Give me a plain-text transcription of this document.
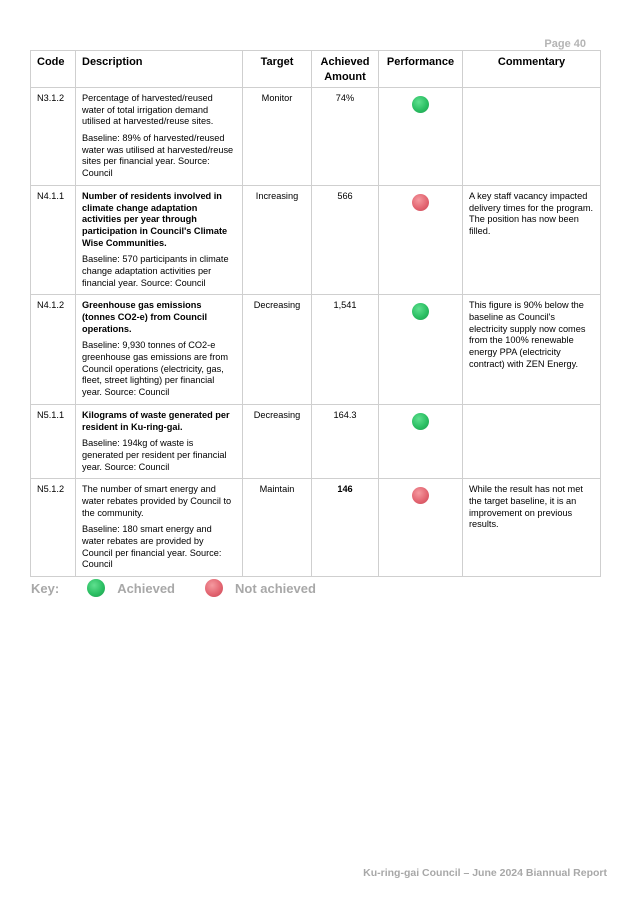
Page 40
Code	Description	Target	Achieved
Amount	Performance	Commentary
N3.1.2	Percentage of harvested/reused water of total irrigation demand utilised at harvested/reuse sites.

Baseline: 89% of harvested/reused water was utilised at harvested/reuse sites per financial year. Source: Council	Monitor	74%		
N4.1.1	Number of residents involved in climate change adaptation activities per year through participation in Council's Climate Wise Communities.

Baseline: 570 participants in climate change adaptation activities per financial year. Source: Council	Increasing	566		A key staff vacancy impacted delivery times for the program. The position has now been filled.
N4.1.2	Greenhouse gas emissions (tonnes CO2-e) from Council operations.

Baseline: 9,930 tonnes of CO2-e greenhouse gas emissions are from Council operations (electricity, gas, fleet, street lighting) per financial year. Source: Council	Decreasing	1,541		This figure is 90% below the baseline as Council's electricity supply now comes from the 100% renewable energy PPA (electricity contract) with ZEN Energy.
N5.1.1	Kilograms of waste generated per resident in Ku-ring-gai.

Baseline: 194kg of waste is generated per resident per financial year. Source: Council	Decreasing	164.3		
N5.1.2	The number of smart energy and water rebates provided by Council to the community.

Baseline: 180 smart energy and water rebates are provided by Council per financial year. Source: Council	Maintain	146		While the result has not met the target baseline, it is an improvement on previous results.
Key:	Achieved	Not achieved
Ku-ring-gai Council – June 2024 Biannual Report
